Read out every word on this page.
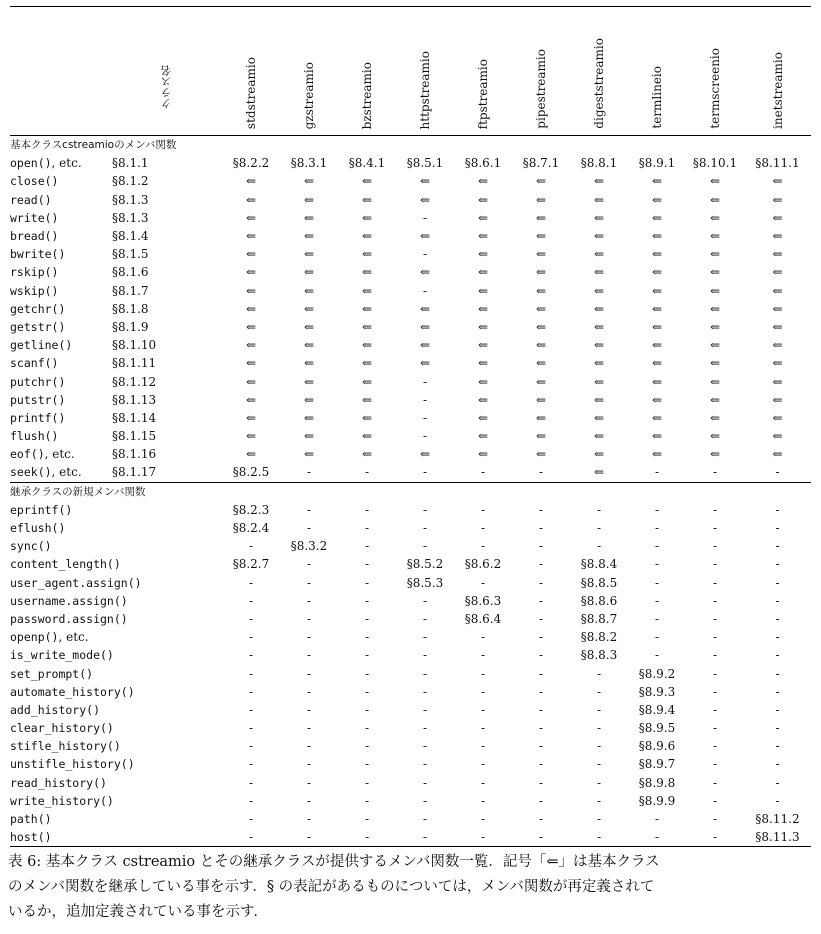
	クラス名	stdstreamio	gzstreamio	bzstreamio	httpstreamio	ftpstreamio	pipestreamio	digeststreamio	termlineio	termscreenio	inetstreamio

基本クラスcstreamioのメンバ関数											
open(), etc.	§8.1.1	§8.2.2	§8.3.1	§8.4.1	§8.5.1	§8.6.1	§8.7.1	§8.8.1	§8.9.1	§8.10.1	§8.11.1
close()	§8.1.2	⇐	⇐	⇐	⇐	⇐	⇐	⇐	⇐	⇐	⇐
read()	§8.1.3	⇐	⇐	⇐	⇐	⇐	⇐	⇐	⇐	⇐	⇐
write()	§8.1.3	⇐	⇐	⇐	-	⇐	⇐	⇐	⇐	⇐	⇐
bread()	§8.1.4	⇐	⇐	⇐	⇐	⇐	⇐	⇐	⇐	⇐	⇐
bwrite()	§8.1.5	⇐	⇐	⇐	-	⇐	⇐	⇐	⇐	⇐	⇐
rskip()	§8.1.6	⇐	⇐	⇐	⇐	⇐	⇐	⇐	⇐	⇐	⇐
wskip()	§8.1.7	⇐	⇐	⇐	-	⇐	⇐	⇐	⇐	⇐	⇐
getchr()	§8.1.8	⇐	⇐	⇐	⇐	⇐	⇐	⇐	⇐	⇐	⇐
getstr()	§8.1.9	⇐	⇐	⇐	⇐	⇐	⇐	⇐	⇐	⇐	⇐
getline()	§8.1.10	⇐	⇐	⇐	⇐	⇐	⇐	⇐	⇐	⇐	⇐
scanf()	§8.1.11	⇐	⇐	⇐	⇐	⇐	⇐	⇐	⇐	⇐	⇐
putchr()	§8.1.12	⇐	⇐	⇐	-	⇐	⇐	⇐	⇐	⇐	⇐
putstr()	§8.1.13	⇐	⇐	⇐	-	⇐	⇐	⇐	⇐	⇐	⇐
printf()	§8.1.14	⇐	⇐	⇐	-	⇐	⇐	⇐	⇐	⇐	⇐
flush()	§8.1.15	⇐	⇐	⇐	-	⇐	⇐	⇐	⇐	⇐	⇐
eof(), etc.	§8.1.16	⇐	⇐	⇐	⇐	⇐	⇐	⇐	⇐	⇐	⇐
seek(), etc.	§8.1.17	§8.2.5	-	-	-	-	-	⇐	-	-	-
継承クラスの新規メンバ関数											
eprintf()		§8.2.3	-	-	-	-	-	-	-	-	-
eflush()		§8.2.4	-	-	-	-	-	-	-	-	-
sync()		-	§8.3.2	-	-	-	-	-	-	-	-
content_length()		§8.2.7	-	-	§8.5.2	§8.6.2	-	§8.8.4	-	-	-
user_agent.assign()		-	-	-	§8.5.3	-	-	§8.8.5	-	-	-
username.assign()		-	-	-	-	§8.6.3	-	§8.8.6	-	-	-
password.assign()		-	-	-	-	§8.6.4	-	§8.8.7	-	-	-
openp(), etc.		-	-	-	-	-	-	§8.8.2	-	-	-
is_write_mode()		-	-	-	-	-	-	§8.8.3	-	-	-
set_prompt()		-	-	-	-	-	-	-	§8.9.2	-	-
automate_history()		-	-	-	-	-	-	-	§8.9.3	-	-
add_history()		-	-	-	-	-	-	-	§8.9.4	-	-
clear_history()		-	-	-	-	-	-	-	§8.9.5	-	-
stifle_history()		-	-	-	-	-	-	-	§8.9.6	-	-
unstifle_history()		-	-	-	-	-	-	-	§8.9.7	-	-
read_history()		-	-	-	-	-	-	-	§8.9.8	-	-
write_history()		-	-	-	-	-	-	-	§8.9.9	-	-
path()		-	-	-	-	-	-	-	-	-	§8.11.2
host()		-	-	-	-	-	-	-	-	-	§8.11.3
表 6: 基本クラス cstreamio とその継承クラスが提供するメンバ関数一覧．記号「⇐」は基本クラス
のメンバ関数を継承している事を示す．§ の表記があるものについては，メンバ関数が再定義されて
いるか，追加定義されている事を示す．
